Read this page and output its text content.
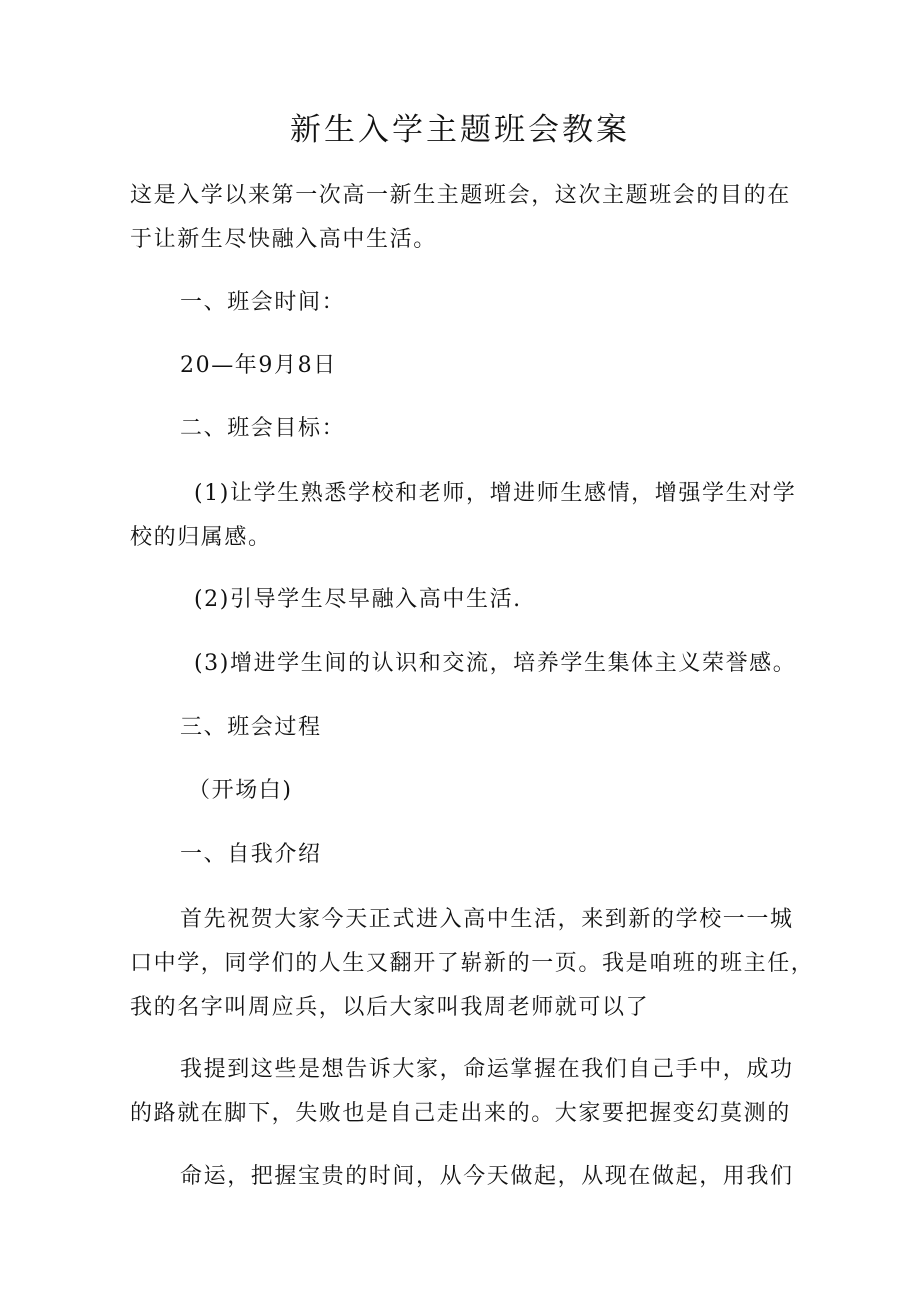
新生入学主题班会教案
这是入学以来第一次高一新生主题班会，这次主题班会的目的在
于让新生尽快融入高中生活。
一、班会时间：
20—年9月8日
二、班会目标：
(1)让学生熟悉学校和老师，增进师生感情，增强学生对学
校的归属感。
(2)引导学生尽早融入高中生活.
(3)增进学生间的认识和交流，培养学生集体主义荣誉感。
三、班会过程
（开场白)
一、自我介绍
首先祝贺大家今天正式进入高中生活，来到新的学校一一城
口中学，同学们的人生又翻开了崭新的一页。我是咱班的班主任，
我的名字叫周应兵，以后大家叫我周老师就可以了
我提到这些是想告诉大家，命运掌握在我们自己手中，成功
的路就在脚下，失败也是自己走出来的。大家要把握变幻莫测的
命运，把握宝贵的时间，从今天做起，从现在做起，用我们
